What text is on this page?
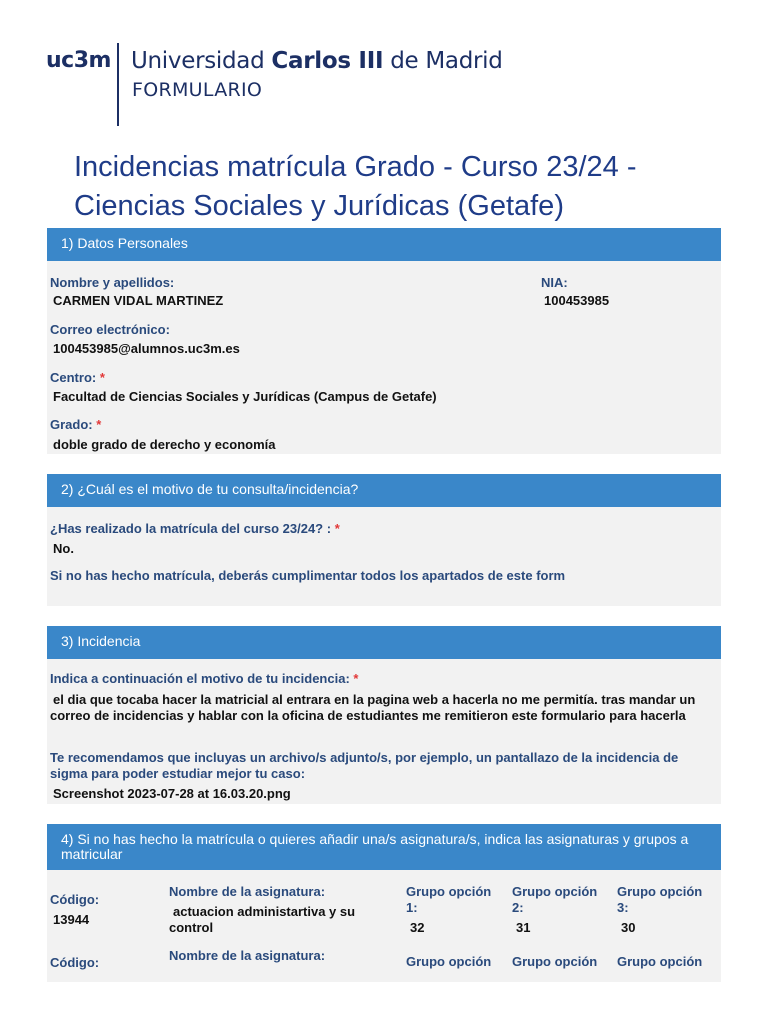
uc3m Universidad Carlos III de Madrid
FORMULARIO
Incidencias matrícula Grado - Curso 23/24 - Ciencias Sociales y Jurídicas (Getafe)
1) Datos Personales
Nombre y apellidos:
CARMEN VIDAL MARTINEZ
NIA:
100453985
Correo electrónico:
100453985@alumnos.uc3m.es
Centro: *
Facultad de Ciencias Sociales y Jurídicas (Campus de Getafe)
Grado: *
doble grado de derecho y economía
2) ¿Cuál es el motivo de tu consulta/incidencia?
¿Has realizado la matrícula del curso 23/24? : *
No.
Si no has hecho matrícula, deberás cumplimentar todos los apartados de este form
3) Incidencia
Indica a continuación el motivo de tu incidencia: *
el dia que tocaba hacer la matricial al entrara en la pagina web a hacerla no me permitía. tras mandar un correo de incidencias y hablar con la oficina de estudiantes me remitieron este formulario para hacerla
Te recomendamos que incluyas un archivo/s adjunto/s, por ejemplo, un pantallazo de la incidencia de sigma para poder estudiar mejor tu caso:
Screenshot 2023-07-28 at 16.03.20.png
4) Si no has hecho la matrícula o quieres añadir una/s asignatura/s, indica las asignaturas y grupos a matricular
Código:
13944
Nombre de la asignatura:
actuacion administartiva y su control
Grupo opción 1:
32
Grupo opción 2:
31
Grupo opción 3:
30
Código:	Nombre de la asignatura:	Grupo opción Grupo opción Grupo opción
